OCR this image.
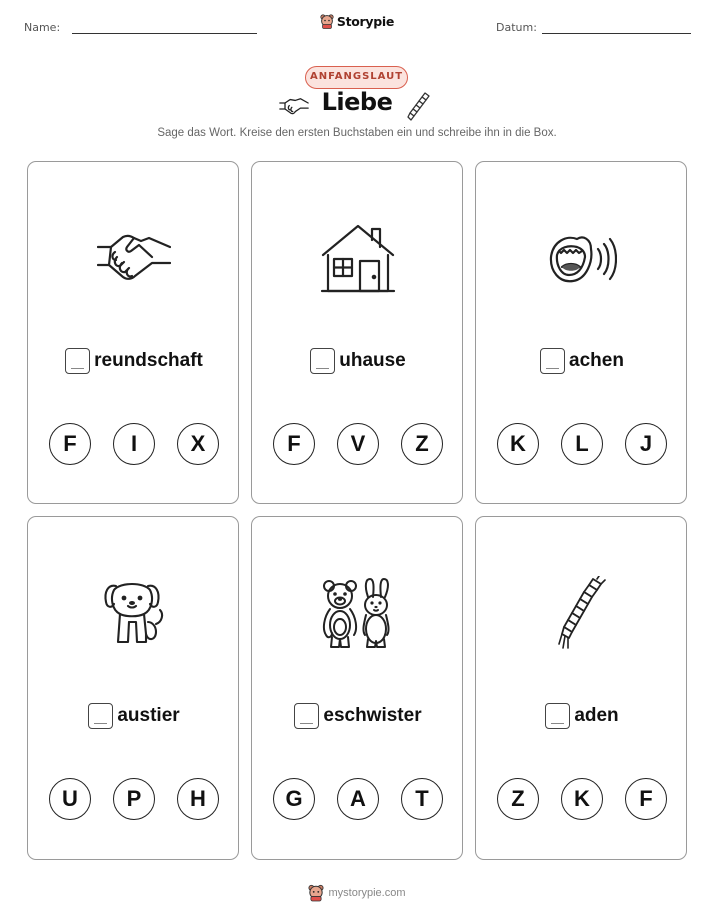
Name:	Storypie	Datum:
ANFANGSLAUT
Liebe
Sage das Wort. Kreise den ersten Buchstaben ein und schreibe ihn in die Box.
reundschaft
F	I	X
uhause
F	V	Z
achen
K	L	J
austier
U	P	H
eschwister
G	A	T
aden
Z	K	F
mystorypie.com
